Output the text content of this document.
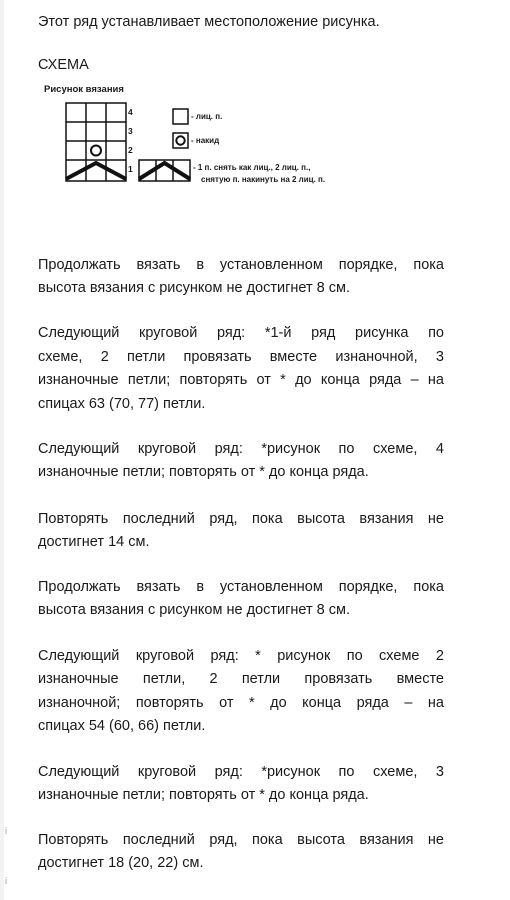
Этот ряд устанавливает местоположение рисунка.
СХЕМА
Рисунок вязания
4
3
2
1
- лиц. п.
- накид
- 1 п. снять как лиц., 2 лиц. п.,
снятую п. накинуть на 2 лиц. п.
Продолжать вязать в установленном порядке, пока
высота вязания с рисунком не достигнет 8 см.
Следующий круговой ряд: *1-й ряд рисунка по
схеме, 2 петли провязать вместе изнаночной, 3
изнаночные петли; повторять от * до конца ряда – на
спицах 63 (70, 77) петли.
Следующий круговой ряд: *рисунок по схеме, 4
изнаночные петли; повторять от * до конца ряда.
Повторять последний ряд, пока высота вязания не
достигнет 14 см.
Продолжать вязать в установленном порядке, пока
высота вязания с рисунком не достигнет 8 см.
Следующий круговой ряд: * рисунок по схеме 2
изнаночные петли, 2 петли провязать вместе
изнаночной; повторять от * до конца ряда – на
спицах 54 (60, 66) петли.
Следующий круговой ряд: *рисунок по схеме, 3
изнаночные петли; повторять от * до конца ряда.
Повторять последний ряд, пока высота вязания не
достигнет 18 (20, 22) см.
і
і
